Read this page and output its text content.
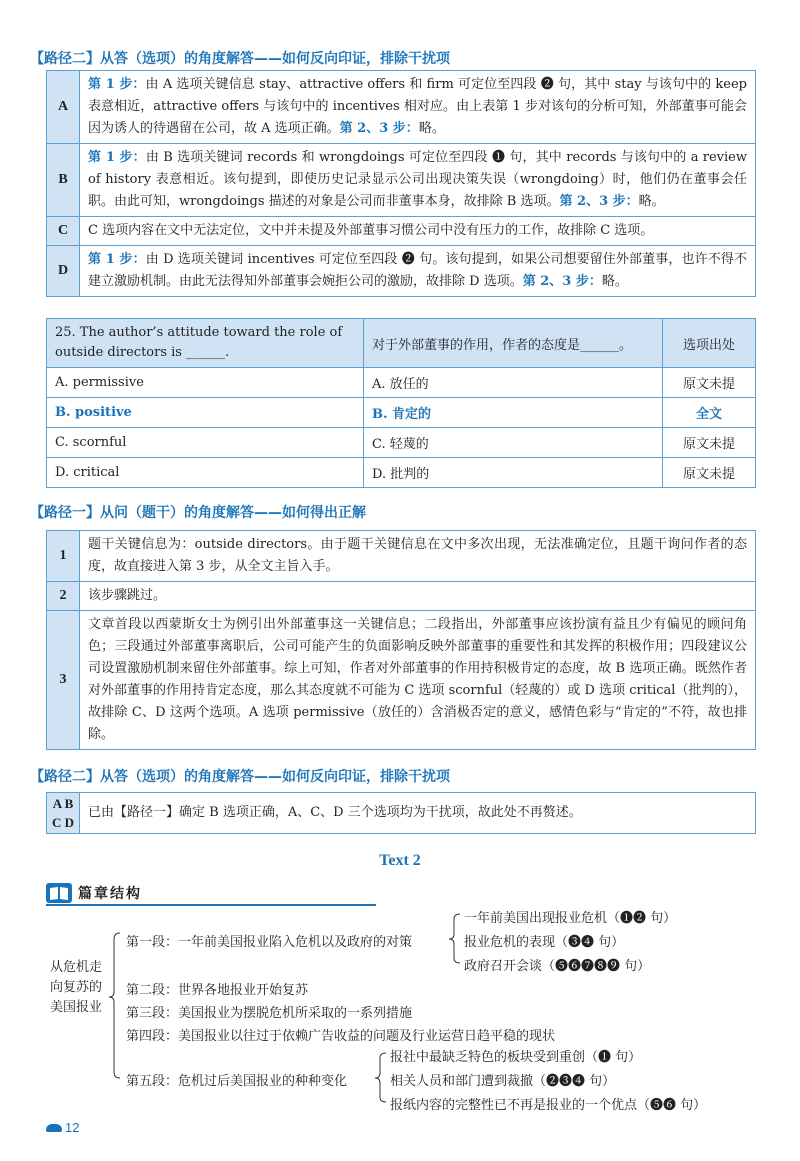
【路径二】从答（选项）的角度解答——如何反向印证，排除干扰项
A	第 1 步：由 A 选项关键信息 stay、attractive offers 和 firm 可定位至四段 ❷ 句，其中 stay 与该句中的 keep 表意相近，attractive offers 与该句中的 incentives 相对应。由上表第 1 步对该句的分析可知，外部董事可能会因为诱人的待遇留在公司，故 A 选项正确。第 2、3 步：略。
B	第 1 步：由 B 选项关键词 records 和 wrongdoings 可定位至四段 ❶ 句，其中 records 与该句中的 a review of history 表意相近。该句提到，即使历史记录显示公司出现决策失误（wrongdoing）时，他们仍在董事会任职。由此可知，wrongdoings 描述的对象是公司而非董事本身，故排除 B 选项。第 2、3 步：略。
C	C 选项内容在文中无法定位，文中并未提及外部董事习惯公司中没有压力的工作，故排除 C 选项。
D	第 1 步：由 D 选项关键词 incentives 可定位至四段 ❷ 句。该句提到，如果公司想要留住外部董事，也许不得不建立激励机制。由此无法得知外部董事会婉拒公司的激励，故排除 D 选项。第 2、3 步：略。
25. The author’s attitude toward the role of outside directors is ______.	对于外部董事的作用，作者的态度是______。	选项出处
A. permissive	A. 放任的	原文未提
B. positive	B. 肯定的	全文
C. scornful	C. 轻蔑的	原文未提
D. critical	D. 批判的	原文未提
【路径一】从问（题干）的角度解答——如何得出正解
1	题干关键信息为：outside directors。由于题干关键信息在文中多次出现，无法准确定位，且题干询问作者的态度，故直接进入第 3 步，从全文主旨入手。
2	该步骤跳过。
3	文章首段以西蒙斯女士为例引出外部董事这一关键信息；二段指出，外部董事应该扮演有益且少有偏见的顾问角色；三段通过外部董事离职后，公司可能产生的负面影响反映外部董事的重要性和其发挥的积极作用；四段建议公司设置激励机制来留住外部董事。综上可知，作者对外部董事的作用持积极肯定的态度，故 B 选项正确。既然作者对外部董事的作用持肯定态度，那么其态度就不可能为 C 选项 scornful（轻蔑的）或 D 选项 critical（批判的），故排除 C、D 这两个选项。A 选项 permissive（放任的）含消极否定的意义，感情色彩与“肯定的”不符，故也排除。
【路径二】从答（选项）的角度解答——如何反向印证，排除干扰项
A B
C D
	已由【路径一】确定 B 选项正确，A、C、D 三个选项均为干扰项，故此处不再赘述。
Text 2
篇章结构
从危机走
向复苏的
美国报业
第一段：一年前美国报业陷入危机以及政府的对策
一年前美国出现报业危机（❶❷ 句）
报业危机的表现（❸❹ 句）
政府召开会谈（❺❻❼❽❾ 句）
第二段：世界各地报业开始复苏
第三段：美国报业为摆脱危机所采取的一系列措施
第四段：美国报业以往过于依赖广告收益的问题及行业运营日趋平稳的现状
第五段：危机过后美国报业的种种变化
报社中最缺乏特色的板块受到重创（❶ 句）
相关人员和部门遭到裁撤（❷❸❹ 句）
报纸内容的完整性已不再是报业的一个优点（❺❻ 句）
12
